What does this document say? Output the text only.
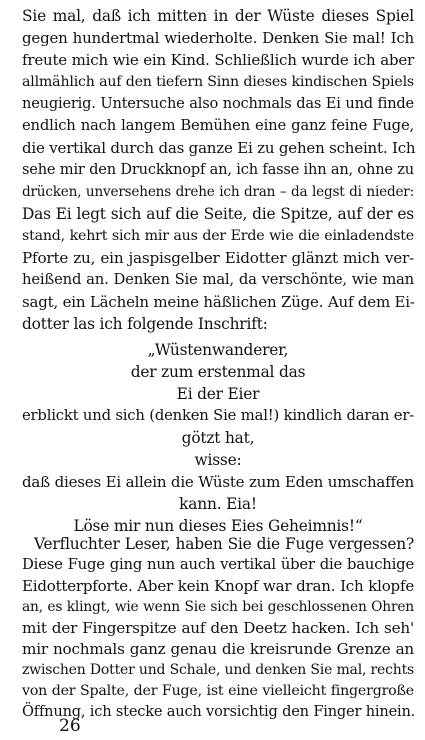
Sie mal, daß ich mitten in der Wüste dieses Spiel
gegen hundertmal wiederholte. Denken Sie mal! Ich
freute mich wie ein Kind. Schließlich wurde ich aber
allmählich auf den tiefern Sinn dieses kindischen Spiels
neugierig. Untersuche also nochmals das Ei und finde
endlich nach langem Bemühen eine ganz feine Fuge,
die vertikal durch das ganze Ei zu gehen scheint. Ich
sehe mir den Druckknopf an, ich fasse ihn an, ohne zu
drücken, unversehens drehe ich dran – da legst di nieder:
Das Ei legt sich auf die Seite, die Spitze, auf der es
stand, kehrt sich mir aus der Erde wie die einladendste
Pforte zu, ein jaspisgelber Eidotter glänzt mich ver-
heißend an. Denken Sie mal, da verschönte, wie man
sagt, ein Lächeln meine häßlichen Züge. Auf dem Ei-
dotter las ich folgende Inschrift:
„Wüstenwanderer,
der zum erstenmal das
Ei der Eier
erblickt und sich (denken Sie mal!) kindlich daran er-
götzt hat,
wisse:
daß dieses Ei allein die Wüste zum Eden umschaffen
kann. Eia!
Löse mir nun dieses Eies Geheimnis!“
Verfluchter Leser, haben Sie die Fuge vergessen?
Diese Fuge ging nun auch vertikal über die bauchige
Eidotterpforte. Aber kein Knopf war dran. Ich klopfe
an, es klingt, wie wenn Sie sich bei geschlossenen Ohren
mit der Fingerspitze auf den Deetz hacken. Ich seh'
mir nochmals ganz genau die kreisrunde Grenze an
zwischen Dotter und Schale, und denken Sie mal, rechts
von der Spalte, der Fuge, ist eine vielleicht fingergroße
Öffnung, ich stecke auch vorsichtig den Finger hinein.
26
